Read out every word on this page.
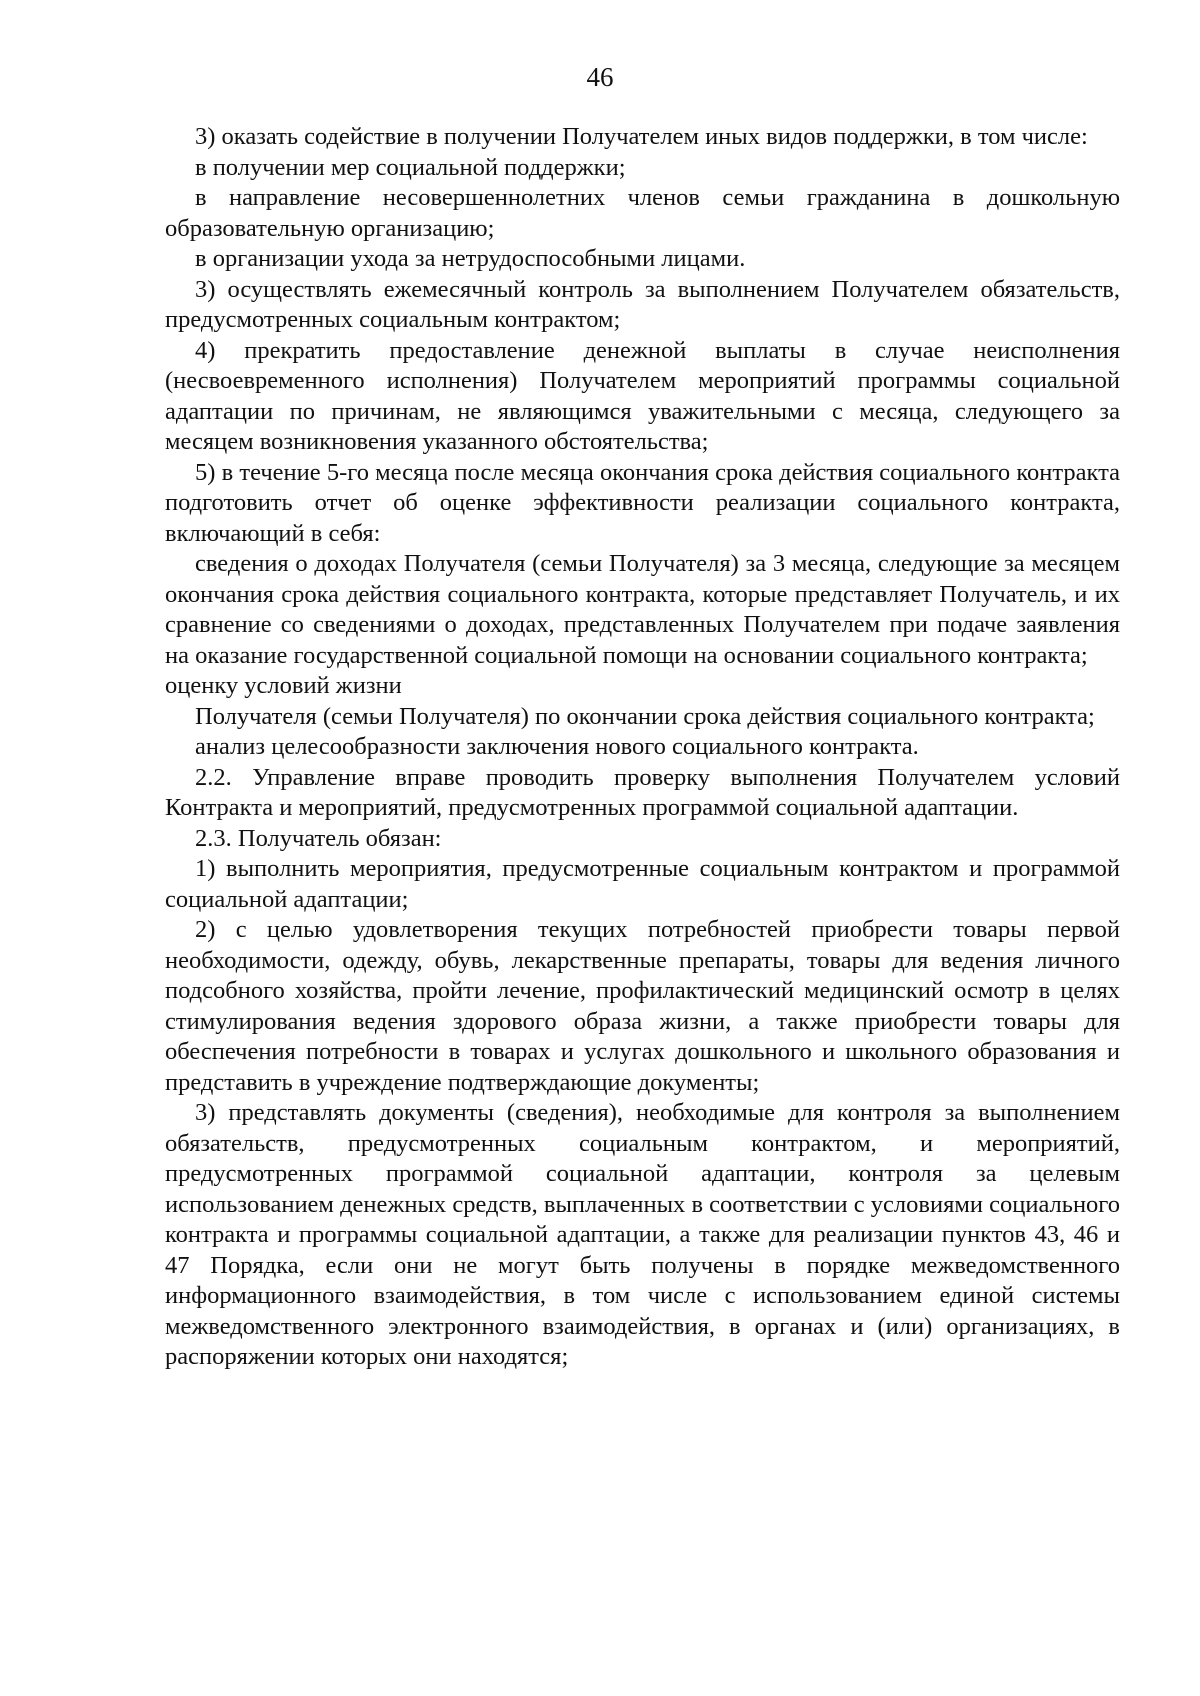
46

3) оказать содействие в получении Получателем иных видов поддержки, в том числе:

в получении мер социальной поддержки;

в направление несовершеннолетних членов семьи гражданина в дошкольную образовательную организацию;

в организации ухода за нетрудоспособными лицами.

3) осуществлять ежемесячный контроль за выполнением Получателем обязательств, предусмотренных социальным контрактом;

4) прекратить предоставление денежной выплаты в случае неисполнения (несвоевременного исполнения) Получателем мероприятий программы социальной адаптации по причинам, не являющимся уважительными с месяца, следующего за месяцем возникновения указанного обстоятельства;

5) в течение 5-го месяца после месяца окончания срока действия социального контракта подготовить отчет об оценке эффективности реализации социального контракта, включающий в себя:

сведения о доходах Получателя (семьи Получателя) за 3 месяца, следующие за месяцем окончания срока действия социального контракта, которые представляет Получатель, и их сравнение со сведениями о доходах, представленных Получателем при подаче заявления на оказание государственной социальной помощи на основании социального контракта;

оценку условий жизни

Получателя (семьи Получателя) по окончании срока действия социального контракта;

анализ целесообразности заключения нового социального контракта.

2.2. Управление вправе проводить проверку выполнения Получателем условий Контракта и мероприятий, предусмотренных программой социальной адаптации.

2.3. Получатель обязан:

1) выполнить мероприятия, предусмотренные социальным контрактом и программой социальной адаптации;

2) с целью удовлетворения текущих потребностей приобрести товары первой необходимости, одежду, обувь, лекарственные препараты, товары для ведения личного подсобного хозяйства, пройти лечение, профилактический медицинский осмотр в целях стимулирования ведения здорового образа жизни, а также приобрести товары для обеспечения потребности в товарах и услугах дошкольного и школьного образования и представить в учреждение подтверждающие документы;

3) представлять документы (сведения), необходимые для контроля за выполнением обязательств, предусмотренных социальным контрактом, и мероприятий, предусмотренных программой социальной адаптации, контроля за целевым использованием денежных средств, выплаченных в соответствии с условиями социального контракта и программы социальной адаптации, а также для реализации пунктов 43, 46 и 47 Порядка, если они не могут быть получены в порядке межведомственного информационного взаимодействия, в том числе с использованием единой системы межведомственного электронного взаимодействия, в органах и (или) организациях, в распоряжении которых они находятся;
